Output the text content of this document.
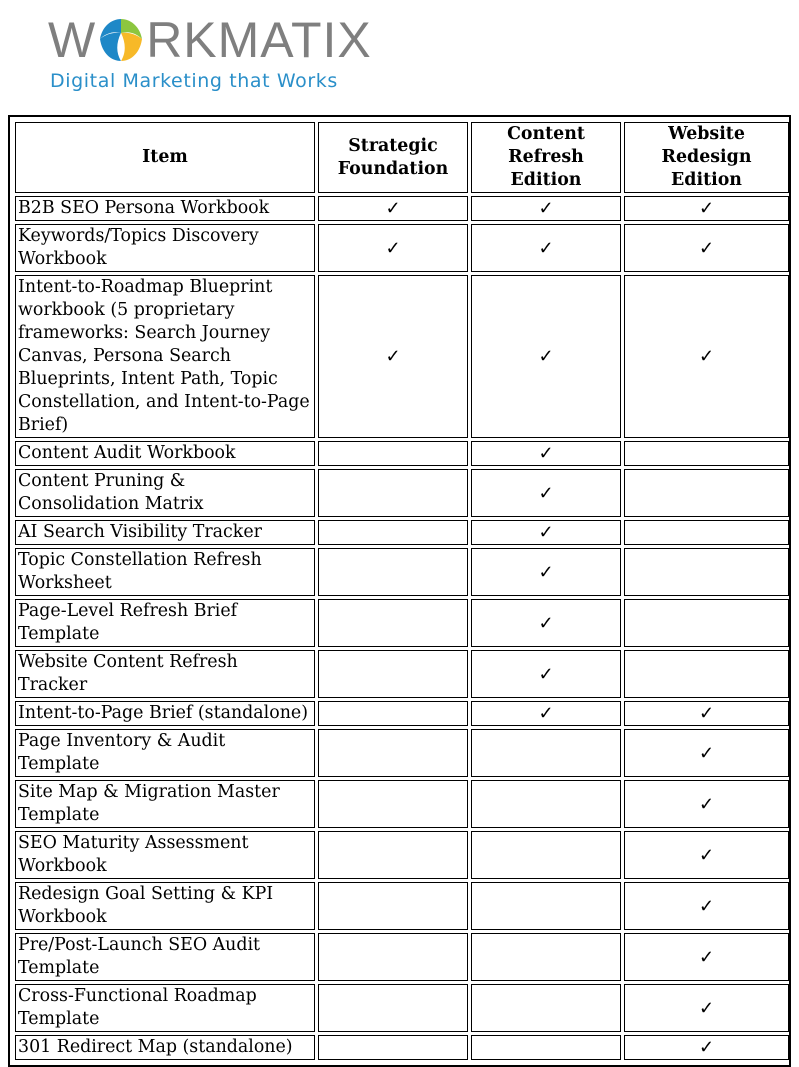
W RKMATIX
Digital Marketing that Works
Item	Strategic Foundation	Content Refresh Edition	Website Redesign Edition
B2B SEO Persona Workbook	✓	✓	✓
Keywords/Topics Discovery Workbook	✓	✓	✓
Intent-to-Roadmap Blueprint workbook (5 proprietary frameworks: Search Journey Canvas, Persona Search Blueprints, Intent Path, Topic Constellation, and Intent-to-Page Brief)	✓	✓	✓
Content Audit Workbook		✓	
Content Pruning & Consolidation Matrix		✓	
AI Search Visibility Tracker		✓	
Topic Constellation Refresh Worksheet		✓	
Page-Level Refresh Brief Template		✓	
Website Content Refresh Tracker		✓	
Intent-to-Page Brief (standalone)		✓	✓
Page Inventory & Audit Template			✓
Site Map & Migration Master Template			✓
SEO Maturity Assessment Workbook			✓
Redesign Goal Setting & KPI Workbook			✓
Pre/Post-Launch SEO Audit Template			✓
Cross-Functional Roadmap Template			✓
301 Redirect Map (standalone)			✓
